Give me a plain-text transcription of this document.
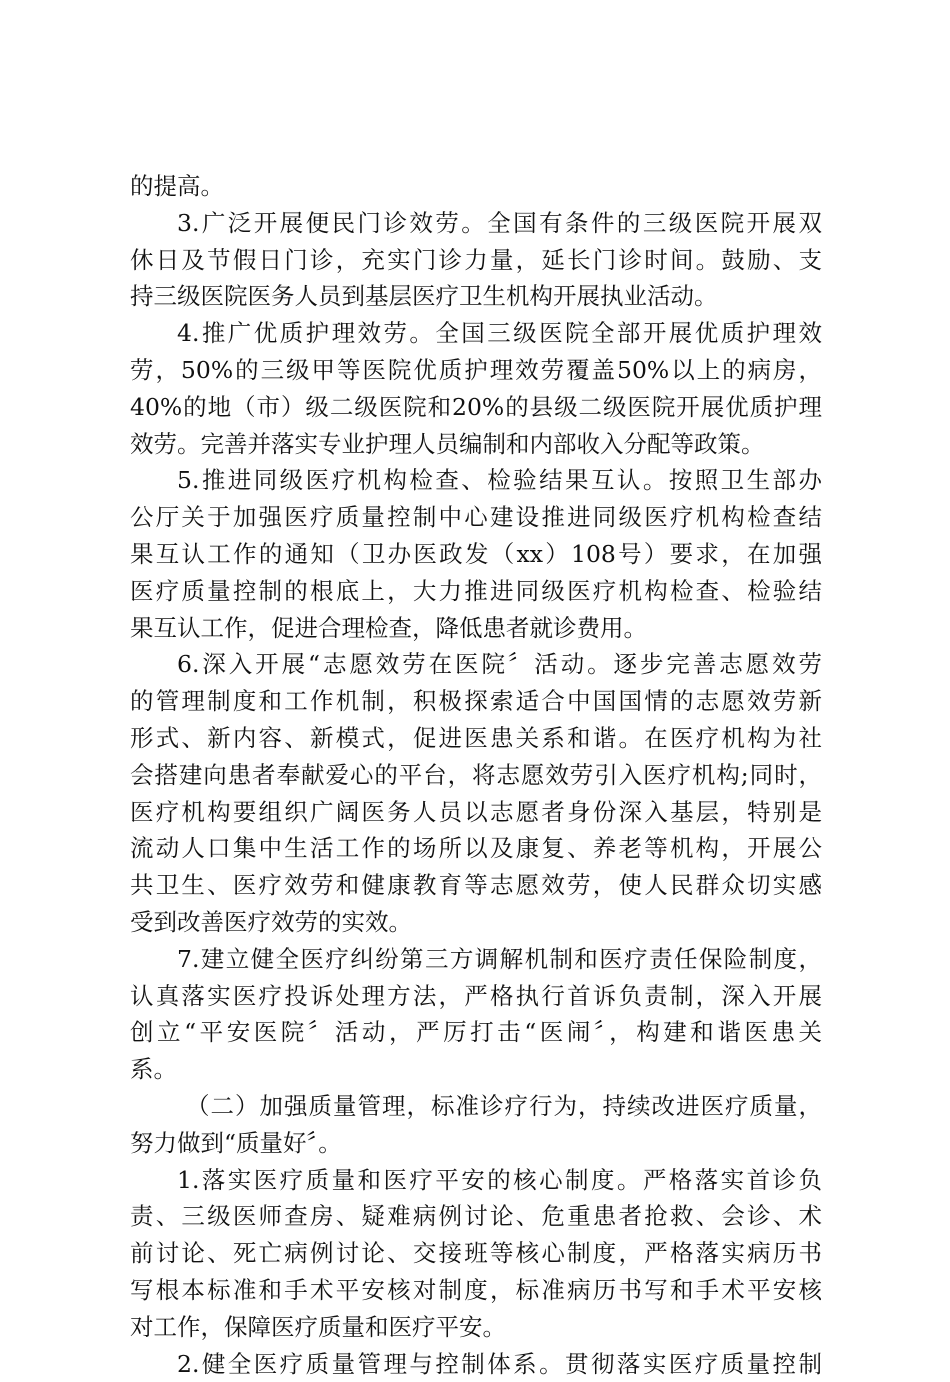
的提高。
3.广泛开展便民门诊效劳。全国有条件的三级医院开展双
休日及节假日门诊，充实门诊力量，延长门诊时间。鼓励、支
持三级医院医务人员到基层医疗卫生机构开展执业活动。
4.推广优质护理效劳。全国三级医院全部开展优质护理效
劳，50%的三级甲等医院优质护理效劳覆盖50%以上的病房，
40%的地（市）级二级医院和20%的县级二级医院开展优质护理
效劳。完善并落实专业护理人员编制和内部收入分配等政策。
5.推进同级医疗机构检查、检验结果互认。按照卫生部办
公厅关于加强医疗质量控制中心建设推进同级医疗机构检查结
果互认工作的通知（卫办医政发（xx）108号）要求，在加强
医疗质量控制的根底上，大力推进同级医疗机构检查、检验结
果互认工作，促进合理检查，降低患者就诊费用。
6.深入开展“志愿效劳在医院〞活动。逐步完善志愿效劳
的管理制度和工作机制，积极探索适合中国国情的志愿效劳新
形式、新内容、新模式，促进医患关系和谐。在医疗机构为社
会搭建向患者奉献爱心的平台，将志愿效劳引入医疗机构;同时，
医疗机构要组织广阔医务人员以志愿者身份深入基层，特别是
流动人口集中生活工作的场所以及康复、养老等机构，开展公
共卫生、医疗效劳和健康教育等志愿效劳，使人民群众切实感
受到改善医疗效劳的实效。
7.建立健全医疗纠纷第三方调解机制和医疗责任保险制度，
认真落实医疗投诉处理方法，严格执行首诉负责制，深入开展
创立“平安医院〞活动，严厉打击“医闹〞，构建和谐医患关
系。
（二）加强质量管理，标准诊疗行为，持续改进医疗质量，
努力做到“质量好〞。
1.落实医疗质量和医疗平安的核心制度。严格落实首诊负
责、三级医师查房、疑难病例讨论、危重患者抢救、会诊、术
前讨论、死亡病例讨论、交接班等核心制度，严格落实病历书
写根本标准和手术平安核对制度，标准病历书写和手术平安核
对工作，保障医疗质量和医疗平安。
2.健全医疗质量管理与控制体系。贯彻落实医疗质量控制
